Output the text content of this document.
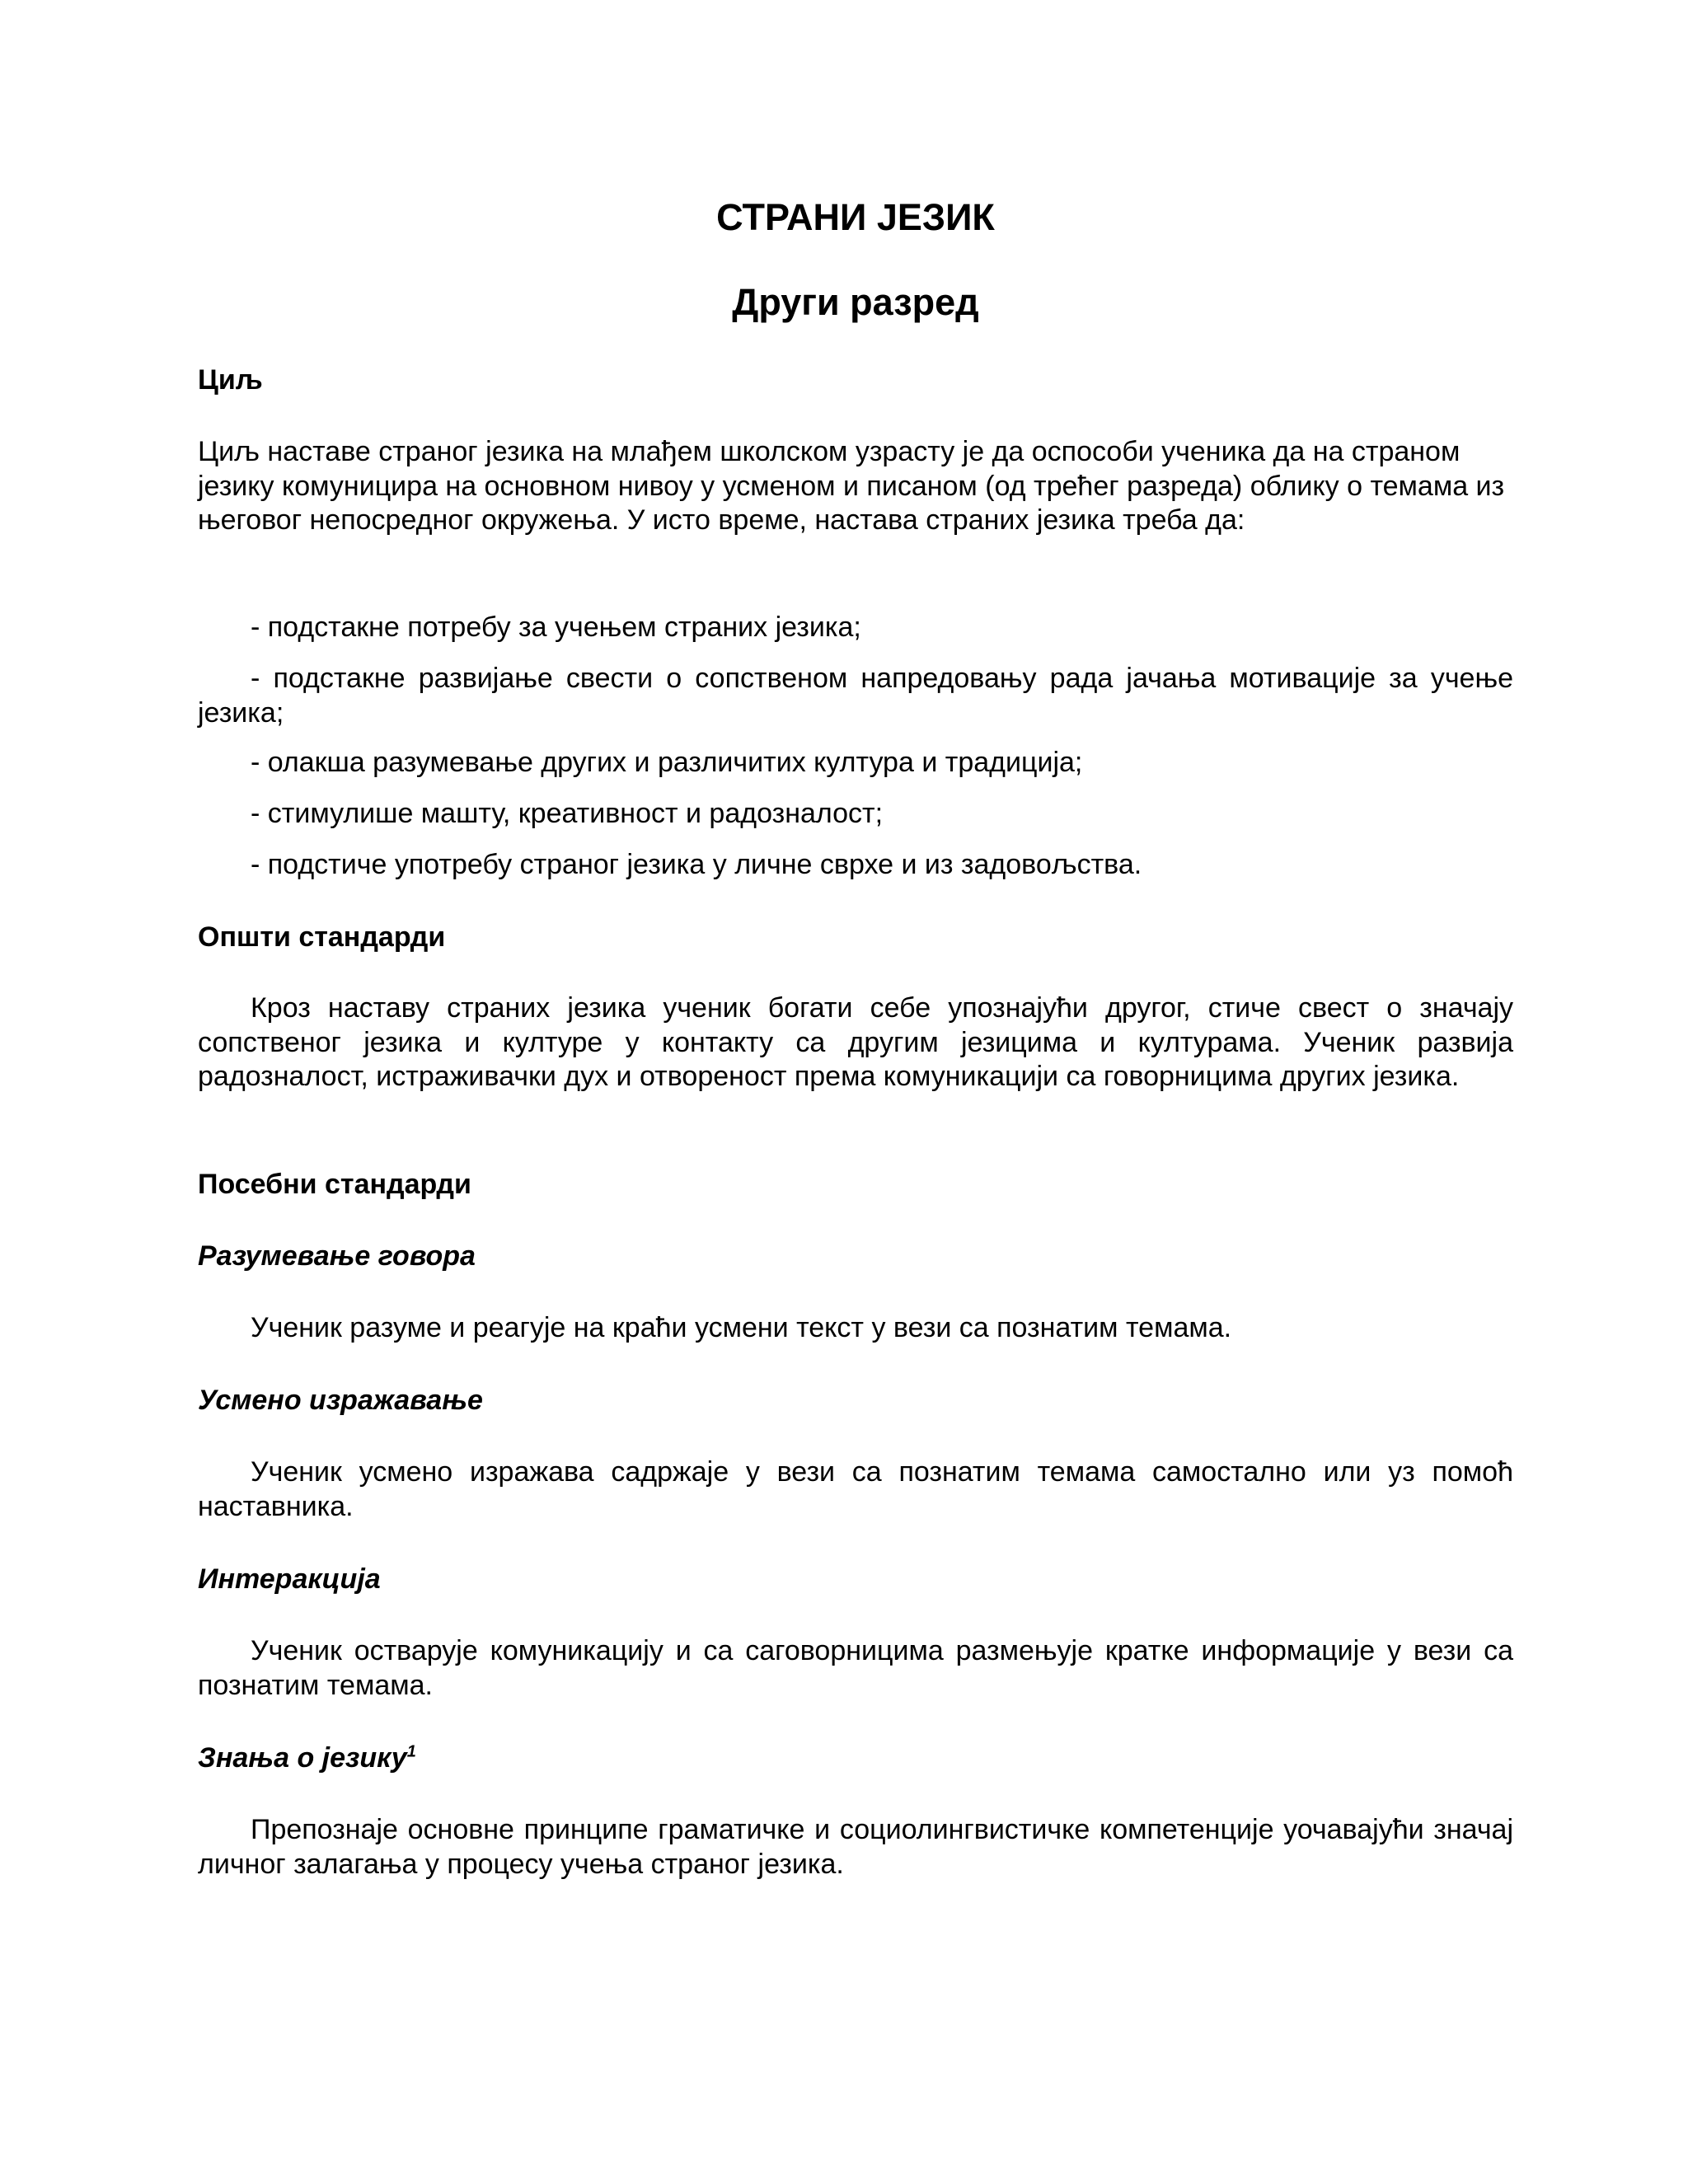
СТРАНИ ЈЕЗИК
Други разред
Циљ

Циљ наставе страног језика на млађем школском узрасту је да оспособи ученика да на страном језику комуницира на основном нивоу у усменом и писаном (од трећег разреда) облику о темама из његовог непосредног окружења. У исто време, настава страних језика треба да:

- подстакне потребу за учењем страних језика;

- подстакне развијање свести о сопственом напредовању рада јачања мотивације за учење језика;

- олакша разумевање других и различитих култура и традиција;

- стимулише машту, креативност и радозналост;

- подстиче употребу страног језика у личне сврхе и из задовољства.

Општи стандарди

Кроз наставу страних језика ученик богати себе упознајући другог, стиче свест о значају сопственог језика и културе у контакту са другим језицима и културама. Ученик развија радозналост, истраживачки дух и отвореност према комуникацији са говорницима других језика.

Посебни стандарди
Разумевање говора

Ученик разуме и реагује на краћи усмени текст у вези са познатим темама.

Усмено изражавање

Ученик усмено изражава садржаје у вези са познатим темама самостално или уз помоћ наставника.

Интеракција

Ученик остварује комуникацију и са саговорницима размењује кратке информације у вези са познатим темама.

Знања о језику$^1$

Препознаје основне принципе граматичке и социолингвистичке компетенције уочавајући значај личног залагања у процесу учења страног језика.
